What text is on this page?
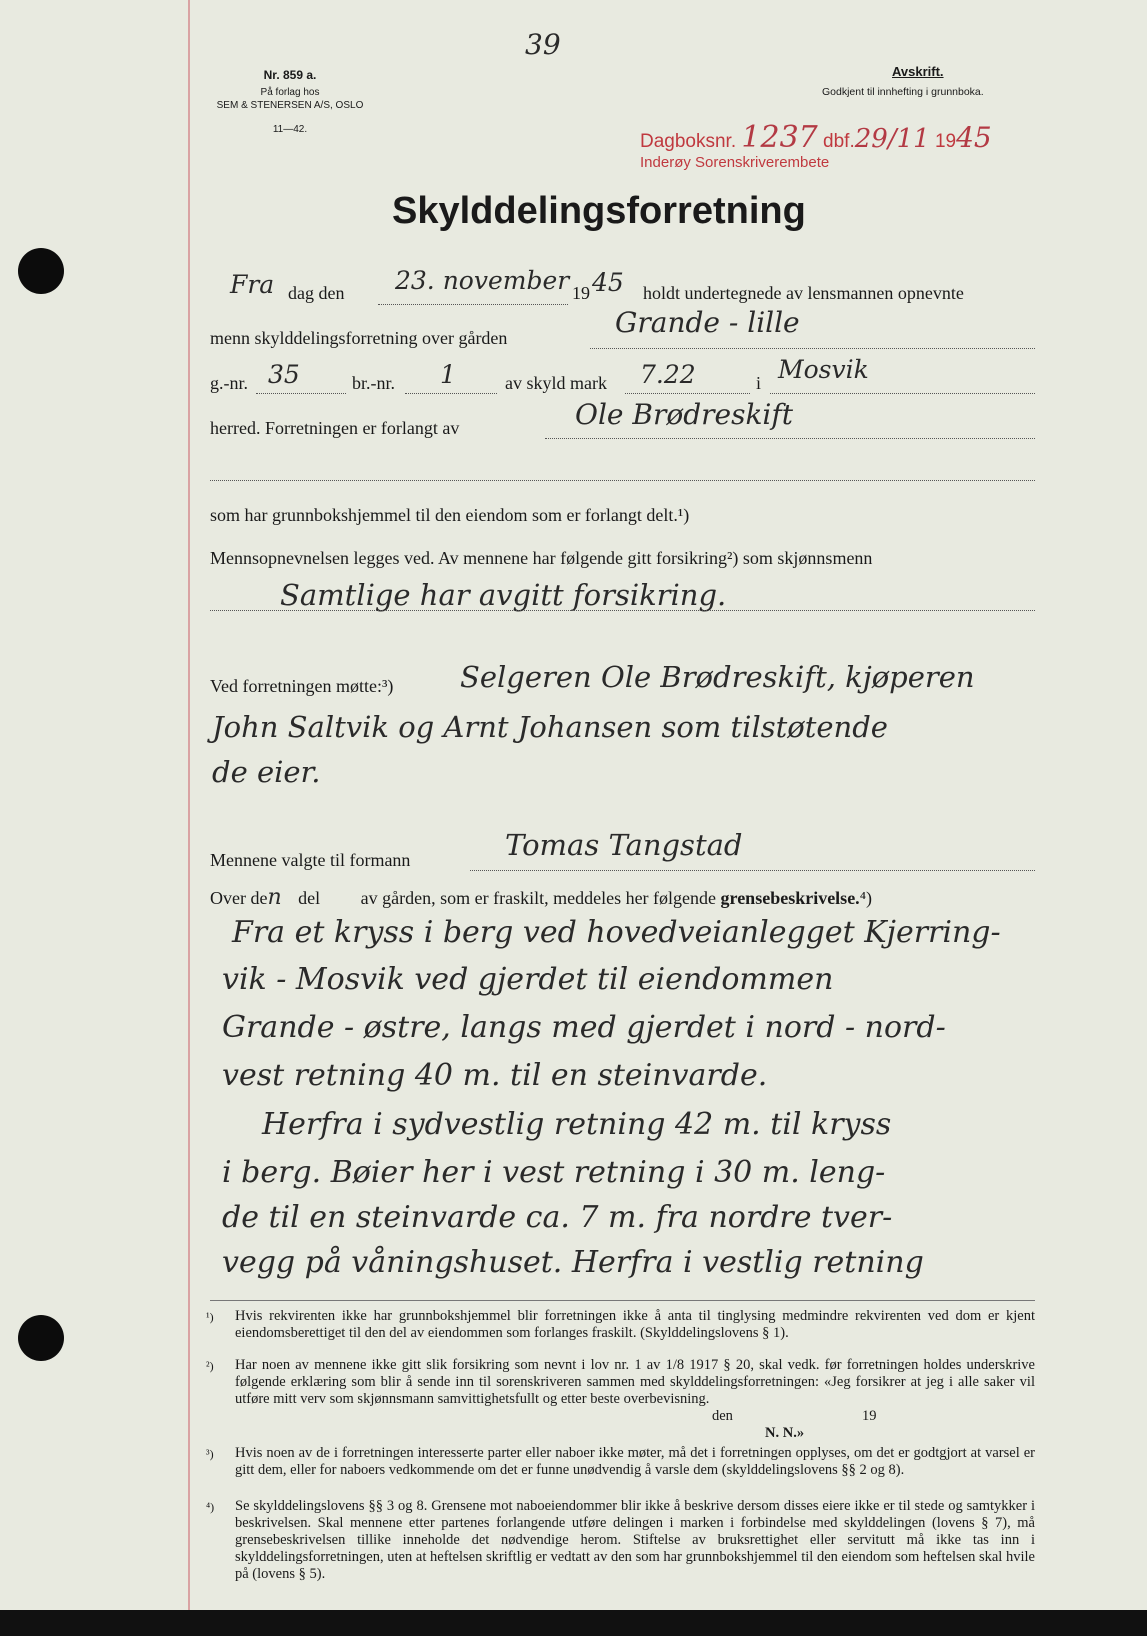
39
Nr. 859 a.
På forlag hos
SEM & STENERSEN A/S, OSLO
11—42.
Avskrift.
Godkjent til innhefting i grunnboka.
Dagboksnr. 1237 dbf.29/11 1945
Inderøy Sorenskriverembete
Skylddelingsforretning
Fra dag den 23. november 19 45 holdt undertegnede av lensmannen opnevnte
menn skylddelingsforretning over gården	Grande - lille
g.-nr. 35	br.-nr. 1	av skyld mark 7.22	i Mosvik
herred. Forretningen er forlangt av	Ole Brødreskift
som har grunnbokshjemmel til den eiendom som er forlangt delt.¹)
Mennsopnevnelsen legges ved. Av mennene har følgende gitt forsikring²) som skjønnsmenn
Samtlige har avgitt forsikring.
Ved forretningen møtte:³) Selgeren Ole Brødreskift, kjøperen
John Saltvik og Arnt Johansen som tilstøtende
de eier.
Mennene valgte til formann	Tomas Tangstad
Over den del av gården, som er fraskilt, meddeles her følgende grensebeskrivelse.⁴)
Fra et kryss i berg ved hovedveianlegget Kjerring-
vik - Mosvik ved gjerdet til eiendommen
Grande - østre, langs med gjerdet i nord - nord-
vest retning 40 m. til en steinvarde.
Herfra i sydvestlig retning 42 m. til kryss
i berg. Bøier her i vest retning i 30 m. leng-
de til en steinvarde ca. 7 m. fra nordre tver-
vegg på våningshuset. Herfra i vestlig retning
¹) Hvis rekvirenten ikke har grunnbokshjemmel blir forretningen ikke å anta til tinglysing medmindre rekvirenten ved dom er kjent eiendomsberettiget til den del av eiendommen som forlanges fraskilt. (Skylddelingslovens § 1).
²) Har noen av mennene ikke gitt slik forsikring som nevnt i lov nr. 1 av 1/8 1917 § 20, skal vedk. før forretningen holdes underskrive følgende erklæring som blir å sende inn til sorenskriveren sammen med skylddelingsforretningen: «Jeg forsikrer at jeg i alle saker vil utføre mitt verv som skjønnsmann samvittighetsfullt og etter beste overbevisning.
den	19
N. N.»
³) Hvis noen av de i forretningen interesserte parter eller naboer ikke møter, må det i forretningen opplyses, om det er godtgjort at varsel er gitt dem, eller for naboers vedkommende om det er funne unødvendig å varsle dem (skylddelingslovens §§ 2 og 8).
⁴) Se skylddelingslovens §§ 3 og 8. Grensene mot naboeiendommer blir ikke å beskrive dersom disses eiere ikke er til stede og samtykker i beskrivelsen. Skal mennene etter partenes forlangende utføre delingen i marken i forbindelse med skylddelingen (lovens § 7), må grensebeskrivelsen tillike inneholde det nødvendige herom. Stiftelse av bruksrettighet eller servitutt må ikke tas inn i skylddelingsforretningen, uten at heftelsen skriftlig er vedtatt av den som har grunnbokshjemmel til den eiendom som heftelsen skal hvile på (lovens § 5).
